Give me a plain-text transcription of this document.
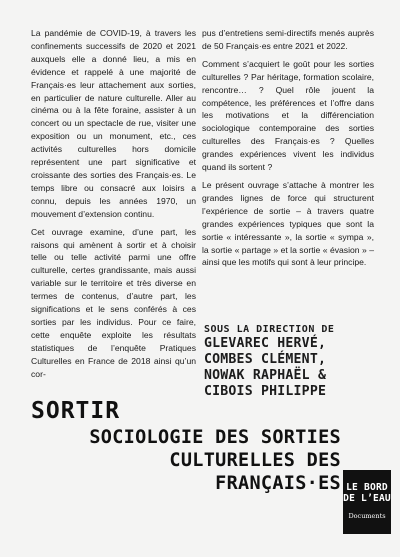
La pandémie de COVID-19, à travers les confinements successifs de 2020 et 2021 auxquels elle a donné lieu, a mis en évidence et rappelé à une majorité de Français·es leur attachement aux sorties, en particulier de nature culturelle. Aller au cinéma ou à la fête foraine, assister à un concert ou un spectacle de rue, visiter une exposition ou un monument, etc., ces activités culturelles hors domicile représentent une part significative et croissante des sorties des Français·es. Le temps libre ou consacré aux loisirs a connu, depuis les années 1970, un mouvement d’extension continu.

Cet ouvrage examine, d’une part, les raisons qui amènent à sortir et à choisir telle ou telle activité parmi une offre culturelle, certes grandissante, mais aussi variable sur le territoire et très diverse en termes de contenus, d’autre part, les significations et le sens conférés à ces sorties par les individus. Pour ce faire, cette enquête exploite les résultats statistiques de l’enquête Pratiques Culturelles en France de 2018 ainsi qu’un cor-

pus d’entretiens semi-directifs menés auprès de 50 Français·es entre 2021 et 2022.

Comment s’acquiert le goût pour les sorties culturelles ? Par héritage, formation scolaire, rencontre… ? Quel rôle jouent la compétence, les préférences et l’offre dans les motivations et la différenciation sociologique contemporaine des sorties culturelles des Français·es ? Quelles grandes expériences vivent les individus quand ils sortent ?

Le présent ouvrage s’attache à montrer les grandes lignes de force qui structurent l’expérience de sortie – à travers quatre grandes expériences typiques que sont la sortie « intéressante », la sortie « sympa », la sortie « partage » et la sortie « évasion » – ainsi que les motifs qui sont à leur principe.

SOUS LA DIRECTION DE
GLEVAREC HERVÉ,
COMBES CLÉMENT,
NOWAK RAPHAËL &
CIBOIS PHILIPPE
SORTIR
SOCIOLOGIE DES SORTIES
CULTURELLES DES
FRANÇAIS·ES LE BORD
DE L’EAU
Documents
